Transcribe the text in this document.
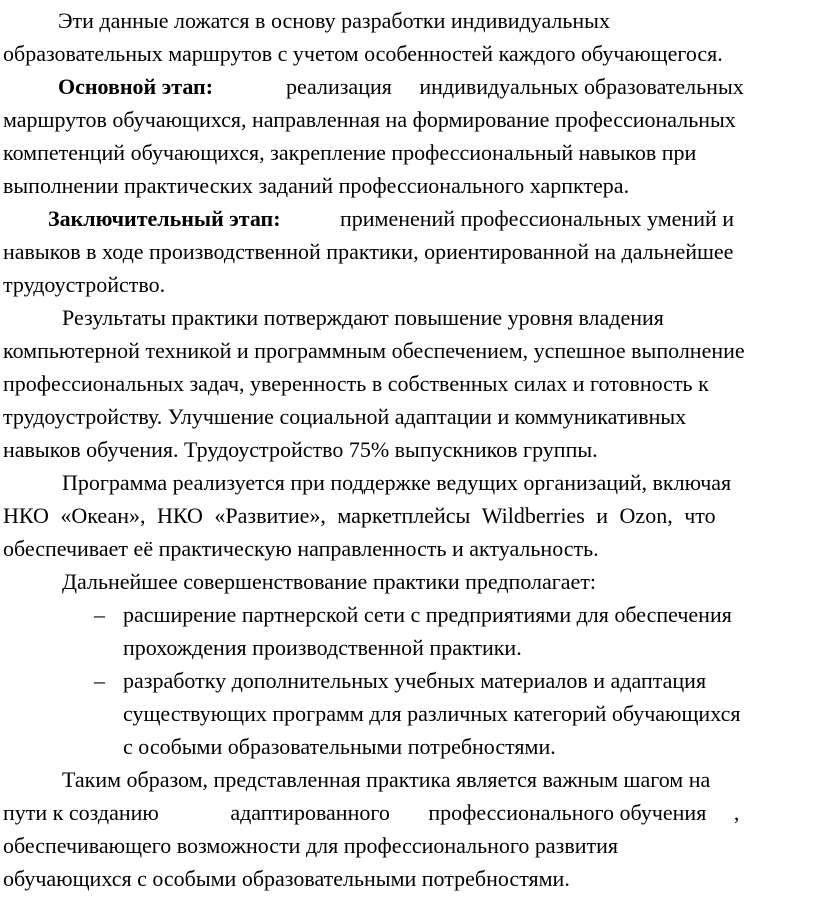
Эти данные ложатся в основу разработки индивидуальных
образовательных маршрутов с учетом особенностей каждого обучающегося.
Основной этап:	реализация     индивидуальных образовательных
маршрутов обучающихся, направленная на формирование профессиональных
компетенций обучающихся, закрепление профессиональный навыков при
выполнении практических заданий профессионального харпктера.
Заключительный этап:	применений профессиональных умений и
навыков в ходе производственной практики, ориентированной на дальнейшее
трудоустройство.
Результаты практики потверждают повышение уровня владения
компьютерной техникой и программным обеспечением, успешное выполнение
профессиональных задач, уверенность в собственных силах и готовность к
трудоустройству. Улучшение социальной адаптации и коммуникативных
навыков обучения. Трудоустройство 75% выпускников группы.
Программа реализуется при поддержке ведущих организаций, включая
НКО «Океан», НКО «Развитие», маркетплейсы Wildberries и Ozon, что
обеспечивает её практическую направленность и актуальность.
Дальнейшее совершенствование практики предполагает:
– расширение партнерской сети с предприятиями для обеспечения
прохождения производственной практики.
– разработку дополнительных учебных материалов и адаптация
существующих программ для различных категорий обучающихся
с особыми образовательными потребностями.
Таким образом, представленная практика является важным шагом на
пути к созданию             адаптированного       профессионального обучения     ,
обеспечивающего возможности для профессионального развития
обучающихся с особыми образовательными потребностями.
